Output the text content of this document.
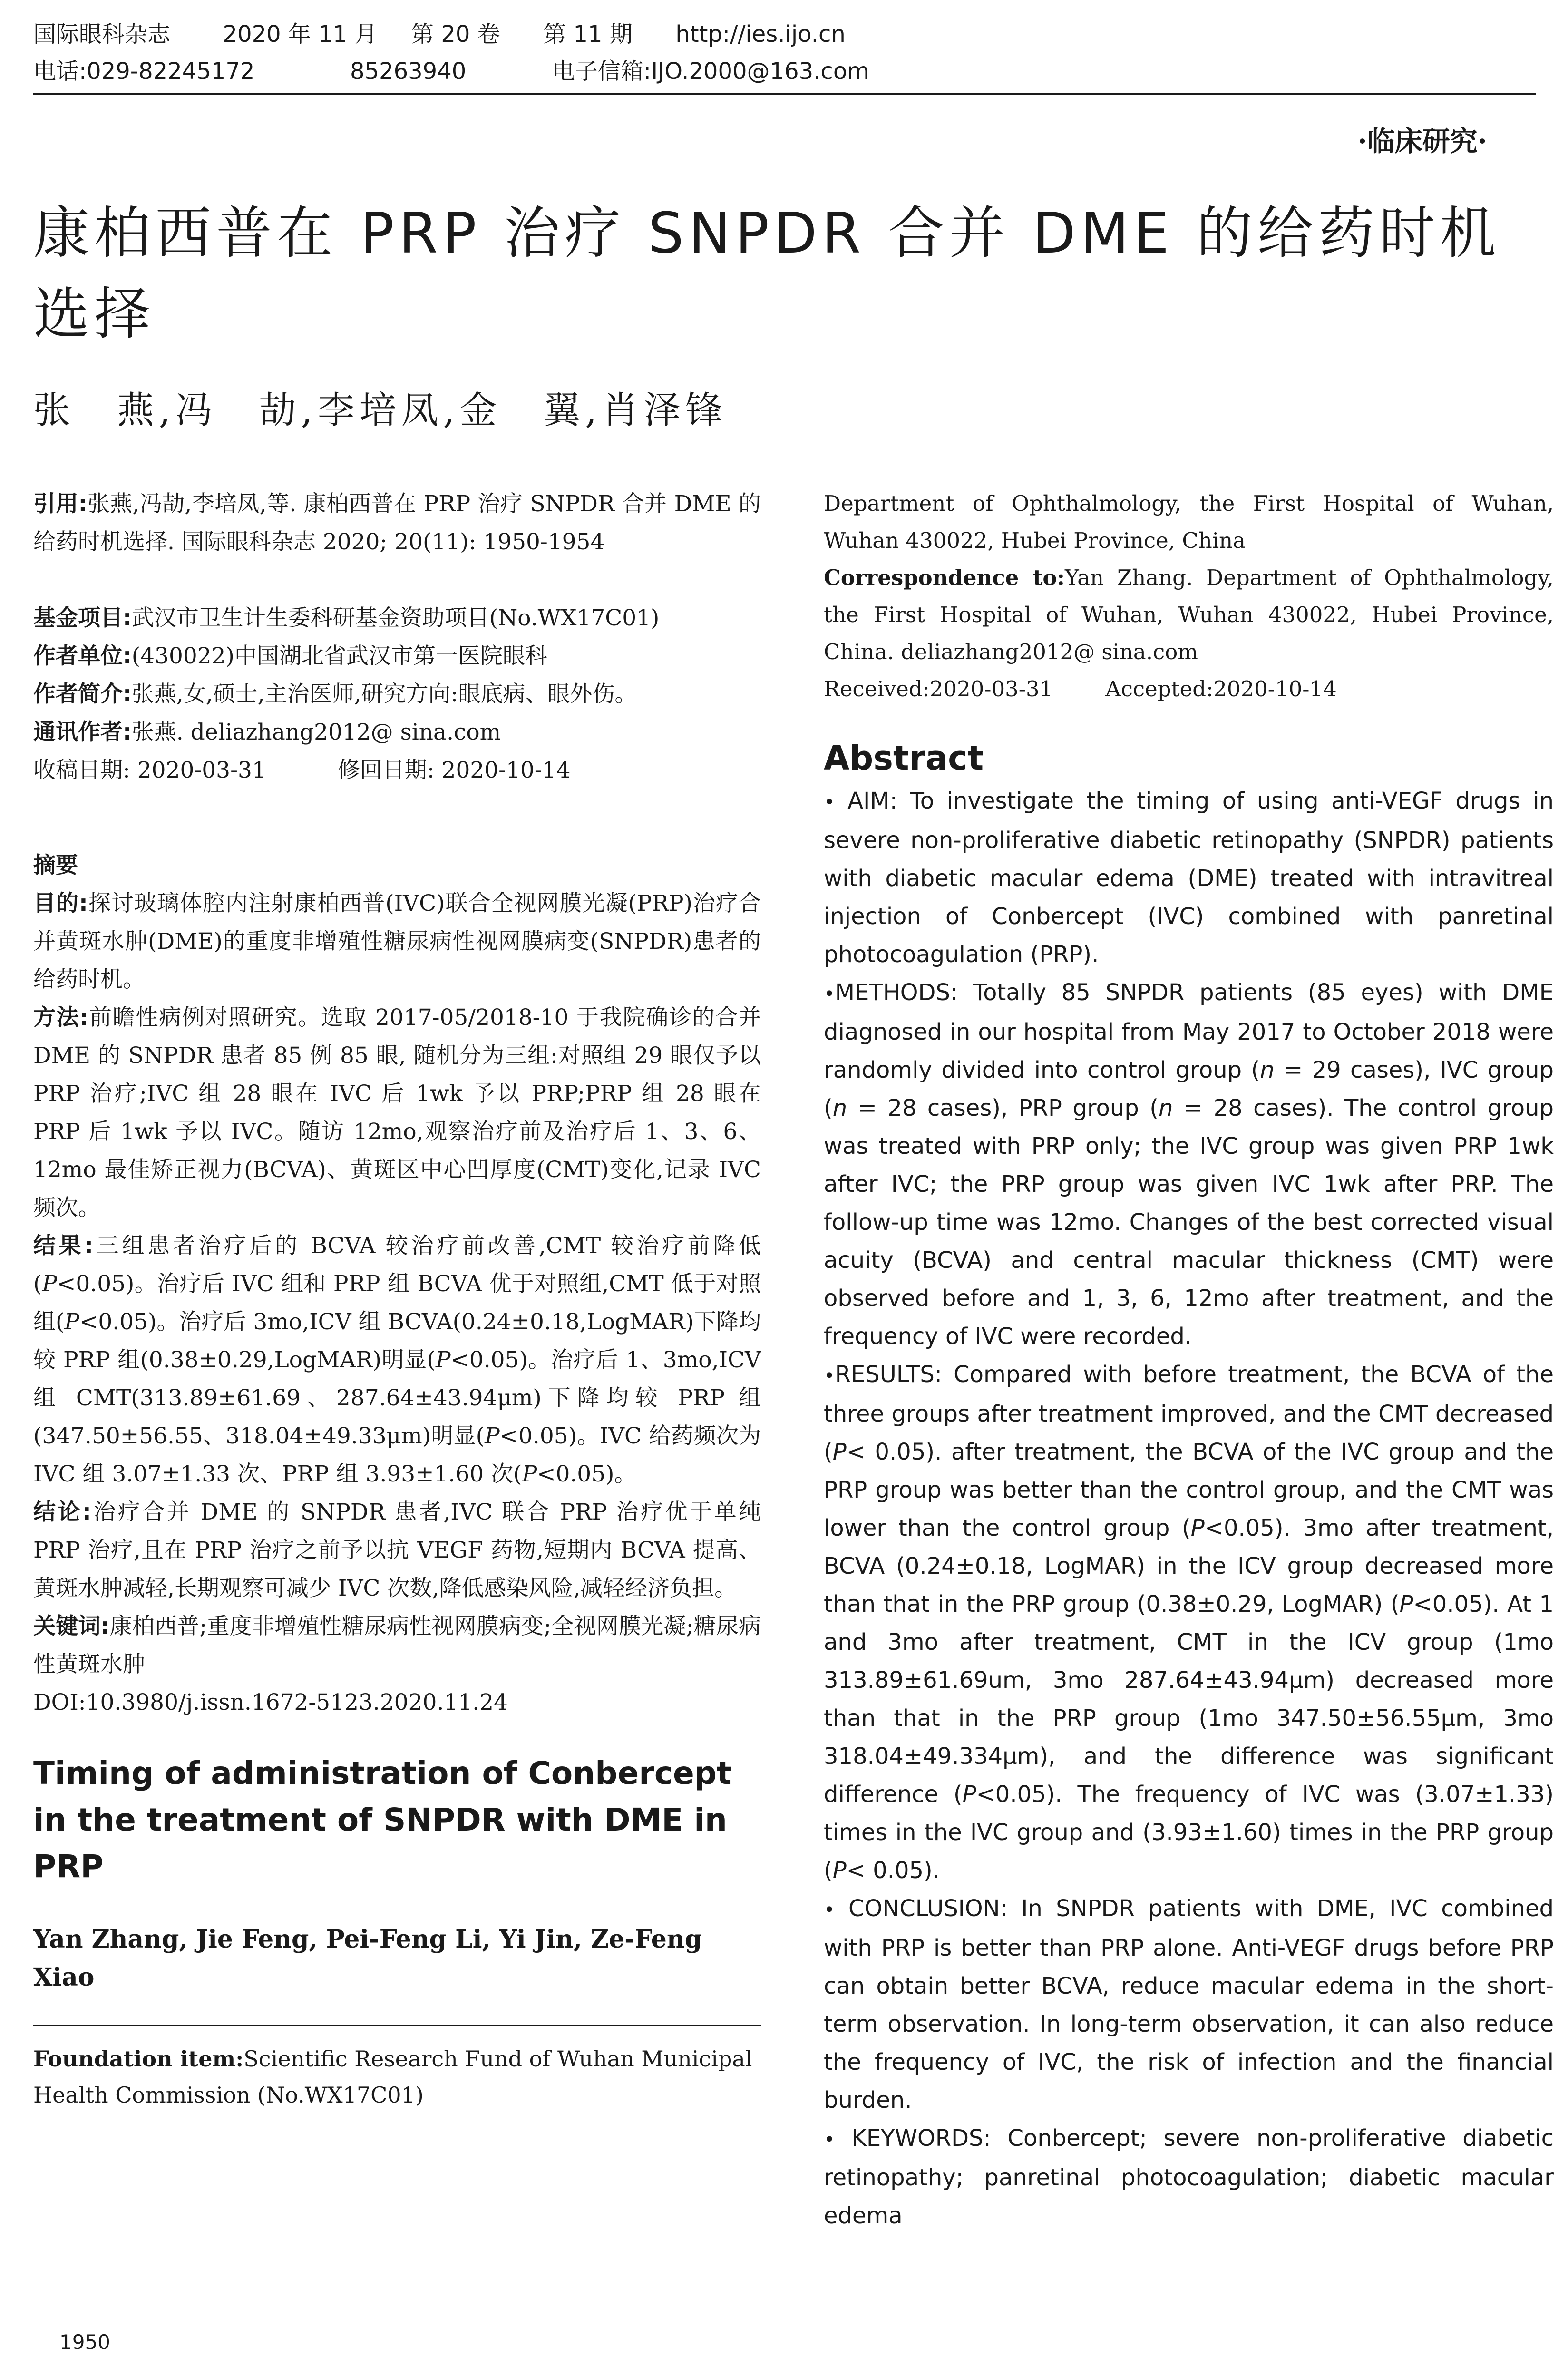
国际眼科杂志 2020 年 11 月 第 20 卷 第 11 期 http://ies.ijo.cn
电话:029-82245172	85263940	电子信箱:IJO.2000@163.com
·临床研究·
康柏西普在 PRP 治疗 SNPDR 合并 DME 的给药时机选择
张　燕,冯　劼,李培凤,金　翼,肖泽锋

引用:张燕,冯劼,李培凤,等. 康柏西普在 PRP 治疗 SNPDR 合并 DME 的给药时机选择. 国际眼科杂志 2020; 20(11): 1950-1954

基金项目:武汉市卫生计生委科研基金资助项目(No.WX17C01)

作者单位:(430022)中国湖北省武汉市第一医院眼科

作者简介:张燕,女,硕士,主治医师,研究方向:眼底病、眼外伤。

通讯作者:张燕. deliazhang2012@ sina.com

收稿日期: 2020-03-31	修回日期: 2020-10-14

摘要

目的:探讨玻璃体腔内注射康柏西普(IVC)联合全视网膜光凝(PRP)治疗合并黄斑水肿(DME)的重度非增殖性糖尿病性视网膜病变(SNPDR)患者的给药时机。

方法:前瞻性病例对照研究。选取 2017-05/2018-10 于我院确诊的合并 DME 的 SNPDR 患者 85 例 85 眼, 随机分为三组:对照组 29 眼仅予以 PRP 治疗;IVC 组 28 眼在 IVC 后 1wk 予以 PRP;PRP 组 28 眼在 PRP 后 1wk 予以 IVC。随访 12mo,观察治疗前及治疗后 1、3、6、12mo 最佳矫正视力(BCVA)、黄斑区中心凹厚度(CMT)变化,记录 IVC 频次。

结果:三组患者治疗后的 BCVA 较治疗前改善,CMT 较治疗前降低(P<0.05)。治疗后 IVC 组和 PRP 组 BCVA 优于对照组,CMT 低于对照组(P<0.05)。治疗后 3mo,ICV 组 BCVA(0.24±0.18,LogMAR)下降均较 PRP 组(0.38±0.29,LogMAR)明显(P<0.05)。治疗后 1、3mo,ICV 组 CMT(313.89±61.69、287.64±43.94μm)下降均较 PRP 组(347.50±56.55、318.04±49.33μm)明显(P<0.05)。IVC 给药频次为 IVC 组 3.07±1.33 次、PRP 组 3.93±1.60 次(P<0.05)。

结论:治疗合并 DME 的 SNPDR 患者,IVC 联合 PRP 治疗优于单纯 PRP 治疗,且在 PRP 治疗之前予以抗 VEGF 药物,短期内 BCVA 提高、黄斑水肿减轻,长期观察可减少 IVC 次数,降低感染风险,减轻经济负担。

关键词:康柏西普;重度非增殖性糖尿病性视网膜病变;全视网膜光凝;糖尿病性黄斑水肿

DOI:10.3980/j.issn.1672-5123.2020.11.24

Timing of administration of Conbercept in the treatment of SNPDR with DME in PRP
Yan Zhang, Jie Feng, Pei-Feng Li, Yi Jin, Ze-Feng Xiao
Foundation item:Scientific Research Fund of Wuhan Municipal Health Commission (No.WX17C01)

Department of Ophthalmology, the First Hospital of Wuhan, Wuhan 430022, Hubei Province, China

Correspondence to:Yan Zhang. Department of Ophthalmology, the First Hospital of Wuhan, Wuhan 430022, Hubei Province, China. deliazhang2012@ sina.com

Received:2020-03-31 Accepted:2020-10-14

Abstract

• AIM: To investigate the timing of using anti-VEGF drugs in severe non-proliferative diabetic retinopathy (SNPDR) patients with diabetic macular edema (DME) treated with intravitreal injection of Conbercept (IVC) combined with panretinal photocoagulation (PRP).

•METHODS: Totally 85 SNPDR patients (85 eyes) with DME diagnosed in our hospital from May 2017 to October 2018 were randomly divided into control group (n = 29 cases), IVC group (n = 28 cases), PRP group (n = 28 cases). The control group was treated with PRP only; the IVC group was given PRP 1wk after IVC; the PRP group was given IVC 1wk after PRP. The follow-up time was 12mo. Changes of the best corrected visual acuity (BCVA) and central macular thickness (CMT) were observed before and 1, 3, 6, 12mo after treatment, and the frequency of IVC were recorded.

•RESULTS: Compared with before treatment, the BCVA of the three groups after treatment improved, and the CMT decreased (P< 0.05). after treatment, the BCVA of the IVC group and the PRP group was better than the control group, and the CMT was lower than the control group (P<0.05). 3mo after treatment, BCVA (0.24±0.18, LogMAR) in the ICV group decreased more than that in the PRP group (0.38±0.29, LogMAR) (P<0.05). At 1 and 3mo after treatment, CMT in the ICV group (1mo 313.89±61.69um, 3mo 287.64±43.94μm) decreased more than that in the PRP group (1mo 347.50±56.55μm, 3mo 318.04±49.334μm), and the difference was significant difference (P<0.05). The frequency of IVC was (3.07±1.33) times in the IVC group and (3.93±1.60) times in the PRP group (P< 0.05).

• CONCLUSION: In SNPDR patients with DME, IVC combined with PRP is better than PRP alone. Anti-VEGF drugs before PRP can obtain better BCVA, reduce macular edema in the short-term observation. In long-term observation, it can also reduce the frequency of IVC, the risk of infection and the financial burden.

• KEYWORDS: Conbercept; severe non-proliferative diabetic retinopathy; panretinal photocoagulation; diabetic macular edema

1950
